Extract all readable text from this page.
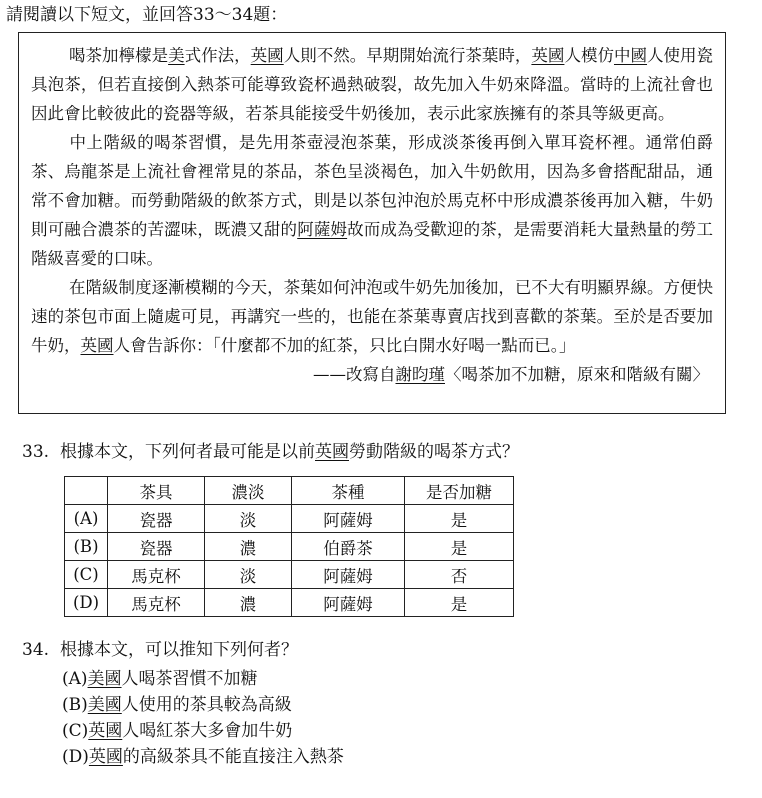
請閱讀以下短文，並回答33～34題：

喝茶加檸檬是美式作法，英國人則不然。早期開始流行茶葉時，英國人模仿中國人使用瓷具泡茶，但若直接倒入熱茶可能導致瓷杯過熱破裂，故先加入牛奶來降溫。當時的上流社會也因此會比較彼此的瓷器等級，若茶具能接受牛奶後加，表示此家族擁有的茶具等級更高。

中上階級的喝茶習慣，是先用茶壺浸泡茶葉，形成淡茶後再倒入單耳瓷杯裡。通常伯爵茶、烏龍茶是上流社會裡常見的茶品，茶色呈淡褐色，加入牛奶飲用，因為多會搭配甜品，通常不會加糖。而勞動階級的飲茶方式，則是以茶包沖泡於馬克杯中形成濃茶後再加入糖，牛奶則可融合濃茶的苦澀味，既濃又甜的阿薩姆故而成為受歡迎的茶，是需要消耗大量熱量的勞工階級喜愛的口味。

在階級制度逐漸模糊的今天，茶葉如何沖泡或牛奶先加後加，已不大有明顯界線。方便快速的茶包市面上隨處可見，再講究一些的，也能在茶葉專賣店找到喜歡的茶葉。至於是否要加牛奶，英國人會告訴你：「什麼都不加的紅茶，只比白開水好喝一點而已。」

——改寫自謝昀瑾〈喝茶加不加糖，原來和階級有關〉

33. 根據本文，下列何者最可能是以前英國勞動階級的喝茶方式？
	茶具	濃淡	茶種	是否加糖
(A)	瓷器	淡	阿薩姆	是
(B)	瓷器	濃	伯爵茶	是
(C)	馬克杯	淡	阿薩姆	否
(D)	馬克杯	濃	阿薩姆	是
34. 根據本文，可以推知下列何者？
(A)美國人喝茶習慣不加糖
(B)美國人使用的茶具較為高級
(C)英國人喝紅茶大多會加牛奶
(D)英國的高級茶具不能直接注入熱茶
